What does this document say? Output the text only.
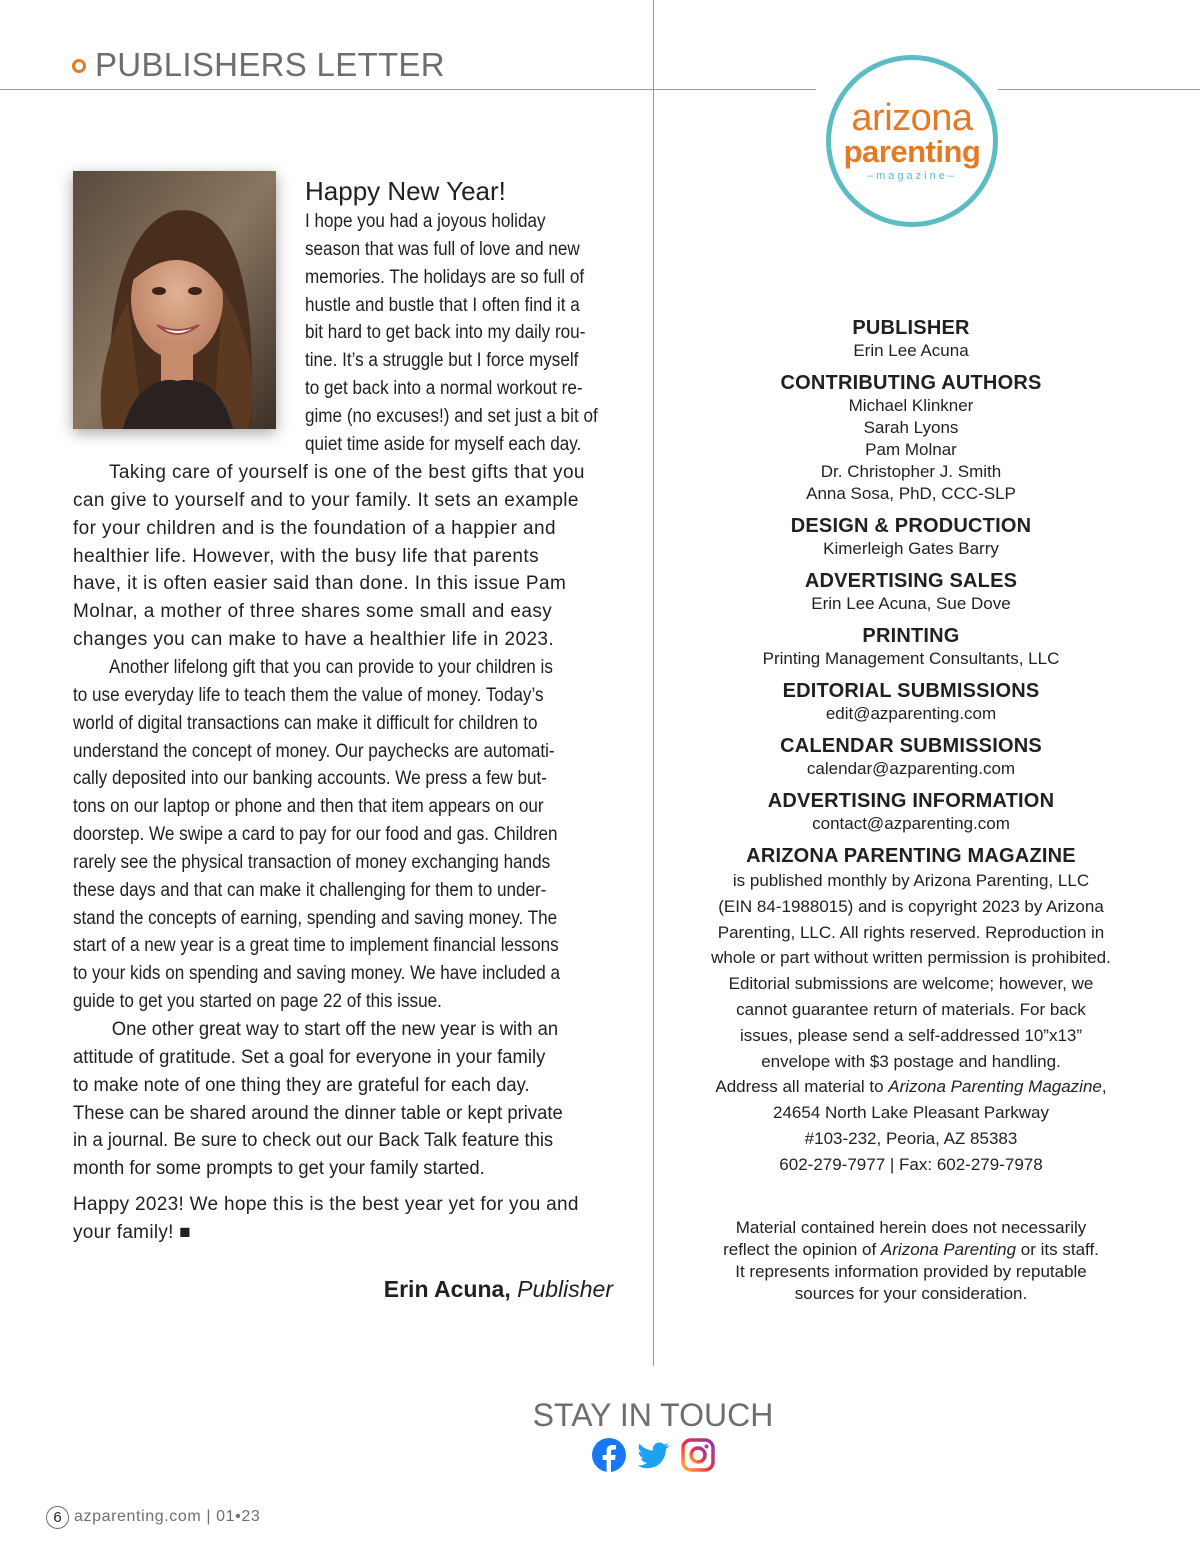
PUBLISHERS LETTER
arizona
parenting
–magazine–
Happy New Year!

I hope you had a joyous holiday

season that was full of love and new

memories. The holidays are so full of

hustle and bustle that I often find it a

bit hard to get back into my daily rou-

tine. It’s a struggle but I force myself

to get back into a normal workout re-

gime (no excuses!) and set just a bit of

quiet time aside for myself each day.

Taking care of yourself is one of the best gifts that you

can give to yourself and to your family. It sets an example

for your children and is the foundation of a happier and

healthier life. However, with the busy life that parents

have, it is often easier said than done. In this issue Pam

Molnar, a mother of three shares some small and easy

changes you can make to have a healthier life in 2023.

Another lifelong gift that you can provide to your children is

to use everyday life to teach them the value of money. Today’s

world of digital transactions can make it difficult for children to

understand the concept of money. Our paychecks are automati-

cally deposited into our banking accounts. We press a few but-

tons on our laptop or phone and then that item appears on our

doorstep. We swipe a card to pay for our food and gas. Children

rarely see the physical transaction of money exchanging hands

these days and that can make it challenging for them to under-

stand the concepts of earning, spending and saving money. The

start of a new year is a great time to implement financial lessons

to your kids on spending and saving money. We have included a

guide to get you started on page 22 of this issue.

One other great way to start off the new year is with an

attitude of gratitude. Set a goal for everyone in your family

to make note of one thing they are grateful for each day.

These can be shared around the dinner table or kept private

in a journal. Be sure to check out our Back Talk feature this

month for some prompts to get your family started.

Happy 2023! We hope this is the best year yet for you and

your family! ■

Erin Acuna, Publisher
PUBLISHER
Erin Lee Acuna
CONTRIBUTING AUTHORS
Michael Klinkner
Sarah Lyons
Pam Molnar
Dr. Christopher J. Smith
Anna Sosa, PhD, CCC-SLP
DESIGN & PRODUCTION
Kimerleigh Gates Barry
ADVERTISING SALES
Erin Lee Acuna, Sue Dove
PRINTING
Printing Management Consultants, LLC
EDITORIAL SUBMISSIONS
edit@azparenting.com
CALENDAR SUBMISSIONS
calendar@azparenting.com
ADVERTISING INFORMATION
contact@azparenting.com
ARIZONA PARENTING MAGAZINE
is published monthly by Arizona Parenting, LLC
(EIN 84-1988015) and is copyright 2023 by Arizona
Parenting, LLC. All rights reserved. Reproduction in
whole or part without written permission is prohibited.
Editorial submissions are welcome; however, we
cannot guarantee return of materials. For back
issues, please send a self-addressed 10”x13”
envelope with $3 postage and handling.
Address all material to Arizona Parenting Magazine,
24654 North Lake Pleasant Parkway
#103-232, Peoria, AZ 85383
602-279-7977 | Fax: 602-279-7978
Material contained herein does not necessarily
reflect the opinion of Arizona Parenting or its staff.
It represents information provided by reputable
sources for your consideration.
STAY IN TOUCH
6 azparenting.com | 01•23
